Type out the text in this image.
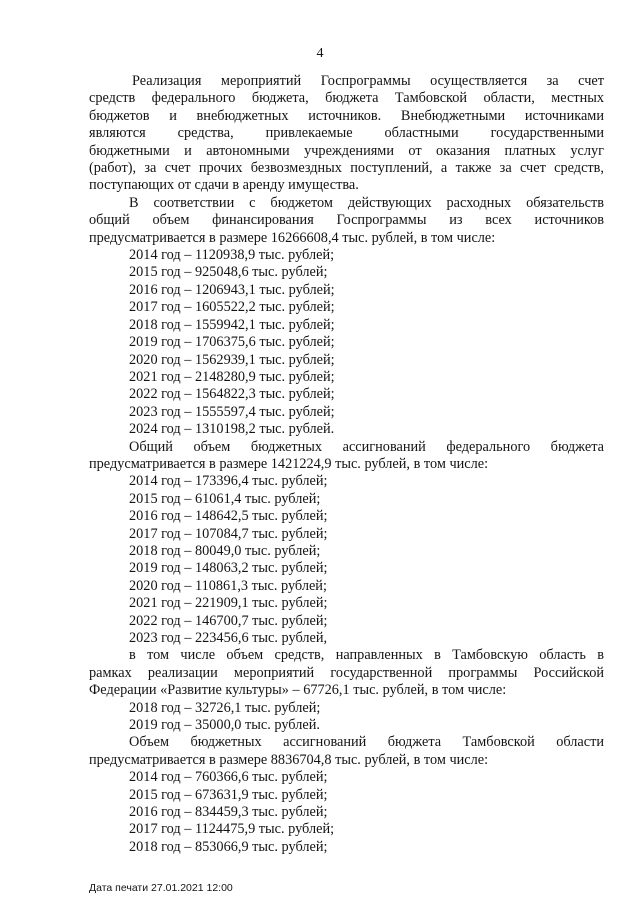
4

Реализация мероприятий Госпрограммы осуществляется за счет

средств федерального бюджета, бюджета Тамбовской области, местных

бюджетов и внебюджетных источников. Внебюджетными источниками

являются средства, привлекаемые областными государственными

бюджетными и автономными учреждениями от оказания платных услуг

(работ), за счет прочих безвозмездных поступлений, а также за счет средств,

поступающих от сдачи в аренду имущества.

В соответствии с бюджетом действующих расходных обязательств

общий объем финансирования Госпрограммы из всех источников

предусматривается в размере 16266608,4 тыс. рублей, в том числе:

2014 год – 1120938,9 тыс. рублей;

2015 год – 925048,6 тыс. рублей;

2016 год – 1206943,1 тыс. рублей;

2017 год – 1605522,2 тыс. рублей;

2018 год – 1559942,1 тыс. рублей;

2019 год – 1706375,6 тыс. рублей;

2020 год – 1562939,1 тыс. рублей;

2021 год – 2148280,9 тыс. рублей;

2022 год – 1564822,3 тыс. рублей;

2023 год – 1555597,4 тыс. рублей;

2024 год – 1310198,2 тыс. рублей.

Общий объем бюджетных ассигнований федерального бюджета

предусматривается в размере 1421224,9 тыс. рублей, в том числе:

2014 год – 173396,4 тыс. рублей;

2015 год – 61061,4 тыс. рублей;

2016 год – 148642,5 тыс. рублей;

2017 год – 107084,7 тыс. рублей;

2018 год – 80049,0 тыс. рублей;

2019 год – 148063,2 тыс. рублей;

2020 год – 110861,3 тыс. рублей;

2021 год – 221909,1 тыс. рублей;

2022 год – 146700,7 тыс. рублей;

2023 год – 223456,6 тыс. рублей,

в том числе объем средств, направленных в Тамбовскую область в

рамках реализации мероприятий государственной программы Российской

Федерации «Развитие культуры» – 67726,1 тыс. рублей, в том числе:

2018 год – 32726,1 тыс. рублей;

2019 год – 35000,0 тыс. рублей.

Объем бюджетных ассигнований бюджета Тамбовской области

предусматривается в размере 8836704,8 тыс. рублей, в том числе:

2014 год – 760366,6 тыс. рублей;

2015 год – 673631,9 тыс. рублей;

2016 год – 834459,3 тыс. рублей;

2017 год – 1124475,9 тыс. рублей;

2018 год – 853066,9 тыс. рублей;

Дата печати 27.01.2021 12:00
